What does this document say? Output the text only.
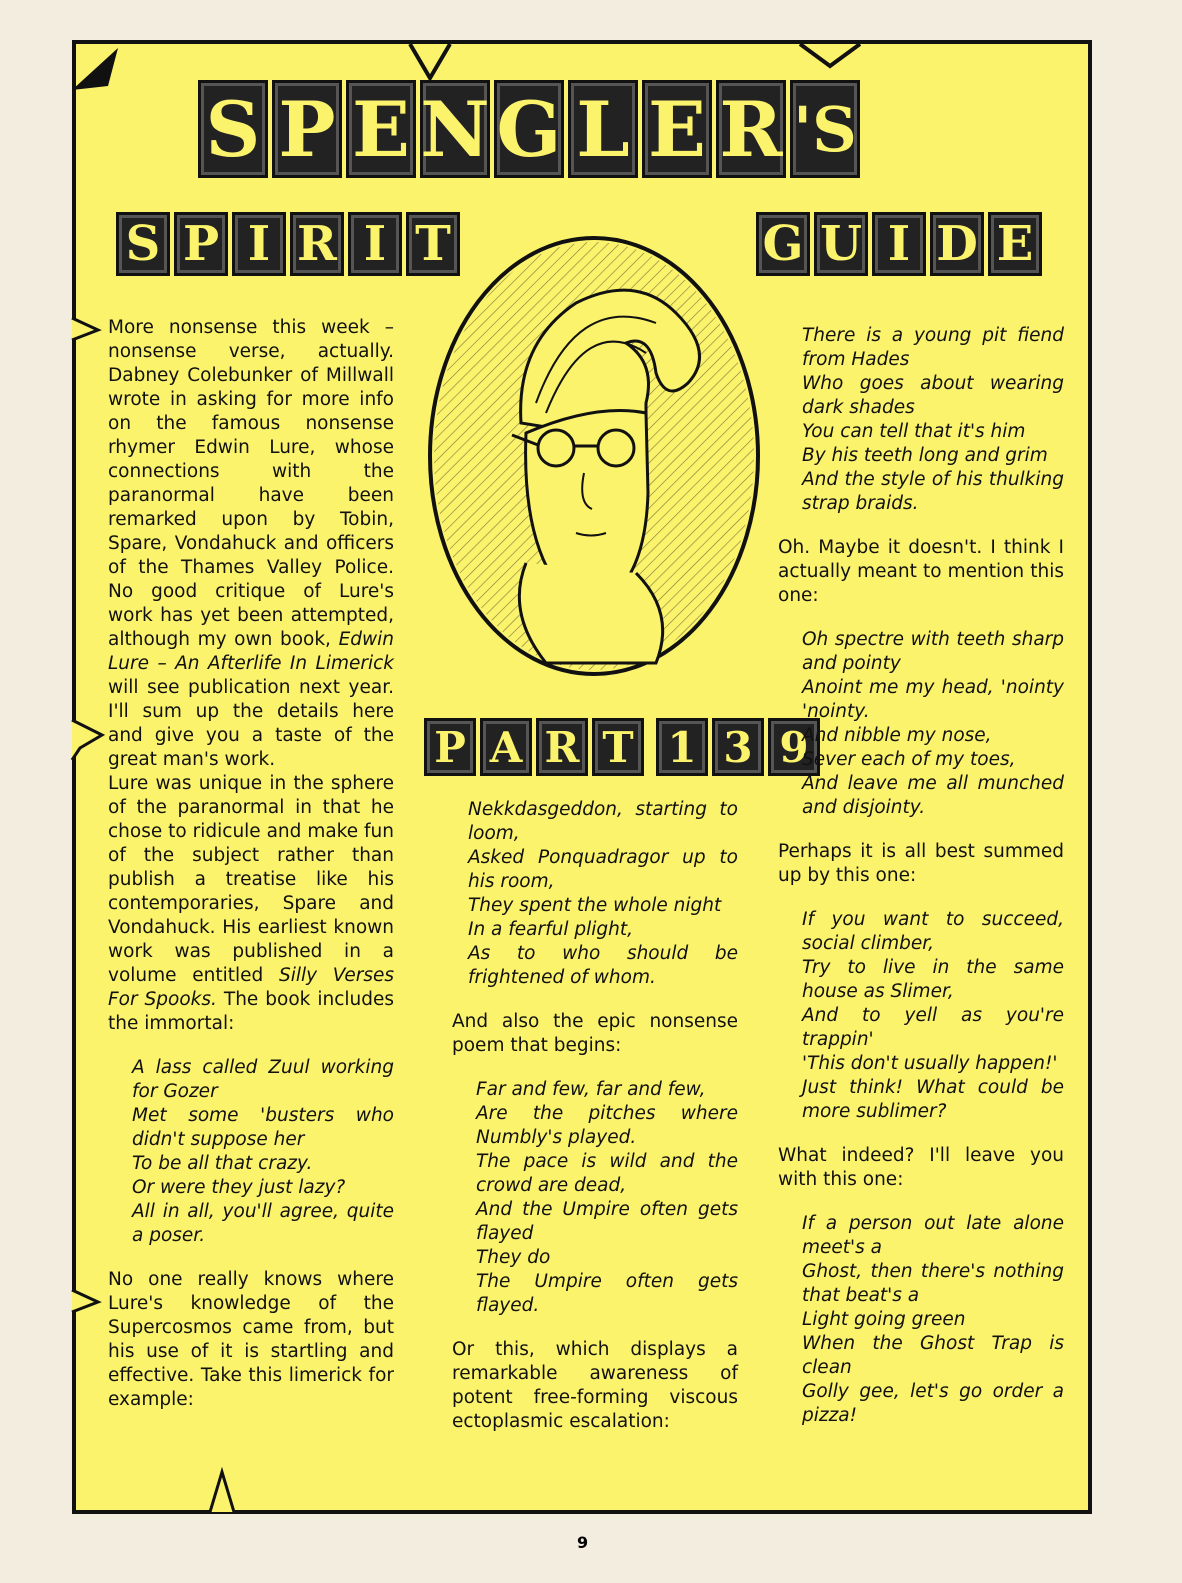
S P E N G L E R 'S
S P I R I T	G U I D E
P A R T 1 3 9

More nonsense this week – nonsense verse, actually. Dabney Colebunker of Millwall wrote in asking for more info on the famous nonsense rhymer Edwin Lure, whose connections with the paranormal have been remarked upon by Tobin, Spare, Vondahuck and officers of the Thames Valley Police. No good critique of Lure's work has yet been attempted, although my own book, Edwin Lure – An Afterlife In Limerick will see publication next year. I'll sum up the details here and give you a taste of the great man's work.

Lure was unique in the sphere of the paranormal in that he chose to ridicule and make fun of the subject rather than publish a treatise like his contemporaries, Spare and Vondahuck. His earliest known work was published in a volume entitled Silly Verses For Spooks. The book includes the immortal:

A lass called Zuul working for Gozer
Met some 'busters who didn't suppose her
To be all that crazy.
Or were they just lazy?
All in all, you'll agree, quite a poser.

No one really knows where Lure's knowledge of the Supercosmos came from, but his use of it is startling and effective. Take this limerick for example:

Nekkdasgeddon, starting to loom,
Asked Ponquadragor up to his room,
They spent the whole night
In a fearful plight,
As to who should be frightened of whom.

And also the epic nonsense poem that begins:

Far and few, far and few,
Are the pitches where Numbly's played.
The pace is wild and the crowd are dead,
And the Umpire often gets flayed
They do
The Umpire often gets flayed.

Or this, which displays a remarkable awareness of potent free-forming viscous ectoplasmic escalation:

There is a young pit fiend from Hades
Who goes about wearing dark shades
You can tell that it's him
By his teeth long and grim
And the style of his thulking strap braids.

Oh. Maybe it doesn't. I think I actually meant to mention this one:

Oh spectre with teeth sharp and pointy
Anoint me my head, 'nointy 'nointy.
And nibble my nose,
Sever each of my toes,
And leave me all munched and disjointy.

Perhaps it is all best summed up by this one:

If you want to succeed, social climber,
Try to live in the same house as Slimer,
And to yell as you're trappin'
'This don't usually happen!'
Just think! What could be more sublimer?

What indeed? I'll leave you with this one:

If a person out late alone meet's a
Ghost, then there's nothing that beat's a
Light going green
When the Ghost Trap is clean
Golly gee, let's go order a pizza!
9
